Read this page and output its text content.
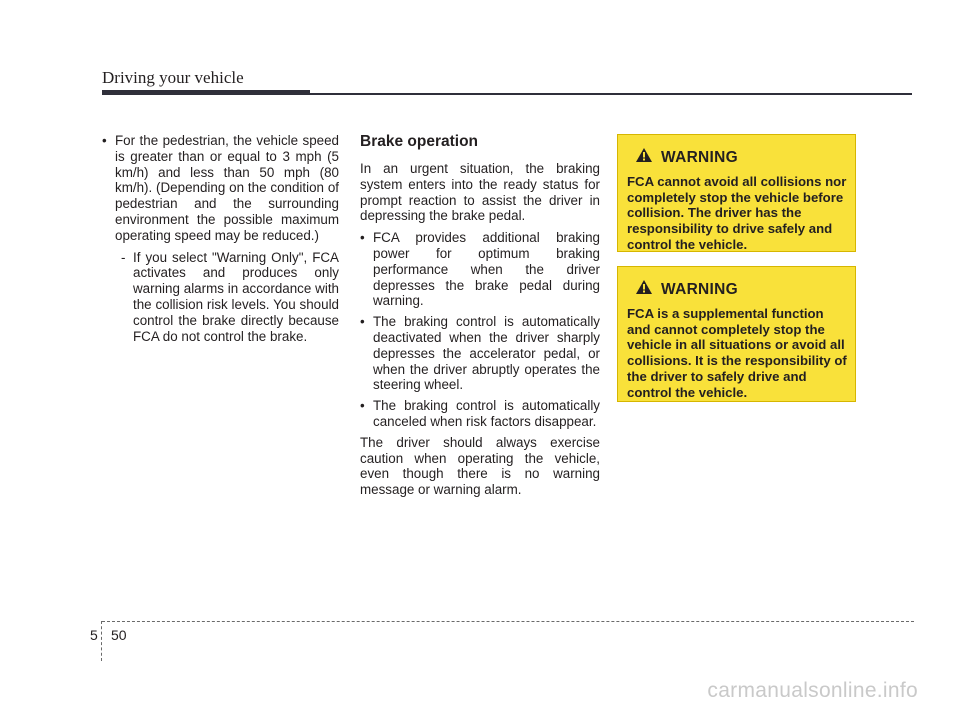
Driving your vehicle
• For the pedestrian, the vehicle speed is greater than or equal to 3 mph (5 km/h) and less than 50 mph (80 km/h). (Depending on the condition of pedestrian and the surrounding environment the possible maximum operating speed may be reduced.)
- If you select "Warning Only", FCA activates and produces only warning alarms in accordance with the collision risk levels. You should control the brake directly because FCA do not control the brake.
Brake operation

In an urgent situation, the braking system enters into the ready status for prompt reaction to assist the driver in depressing the brake pedal.

• FCA provides additional braking power for optimum braking performance when the driver depresses the brake pedal during warning.
• The braking control is automatically deactivated when the driver sharply depresses the accelerator pedal, or when the driver abruptly operates the steering wheel.
• The braking control is automatically canceled when risk factors disappear.

The driver should always exercise caution when operating the vehicle, even though there is no warning message or warning alarm.

WARNING
FCA cannot avoid all collisions nor completely stop the vehicle before collision. The driver has the responsibility to drive safely and control the vehicle.
WARNING
FCA is a supplemental function and cannot completely stop the vehicle in all situations or avoid all collisions. It is the responsibility of the driver to safely drive and control the vehicle.
5 50
carmanualsonline.info
